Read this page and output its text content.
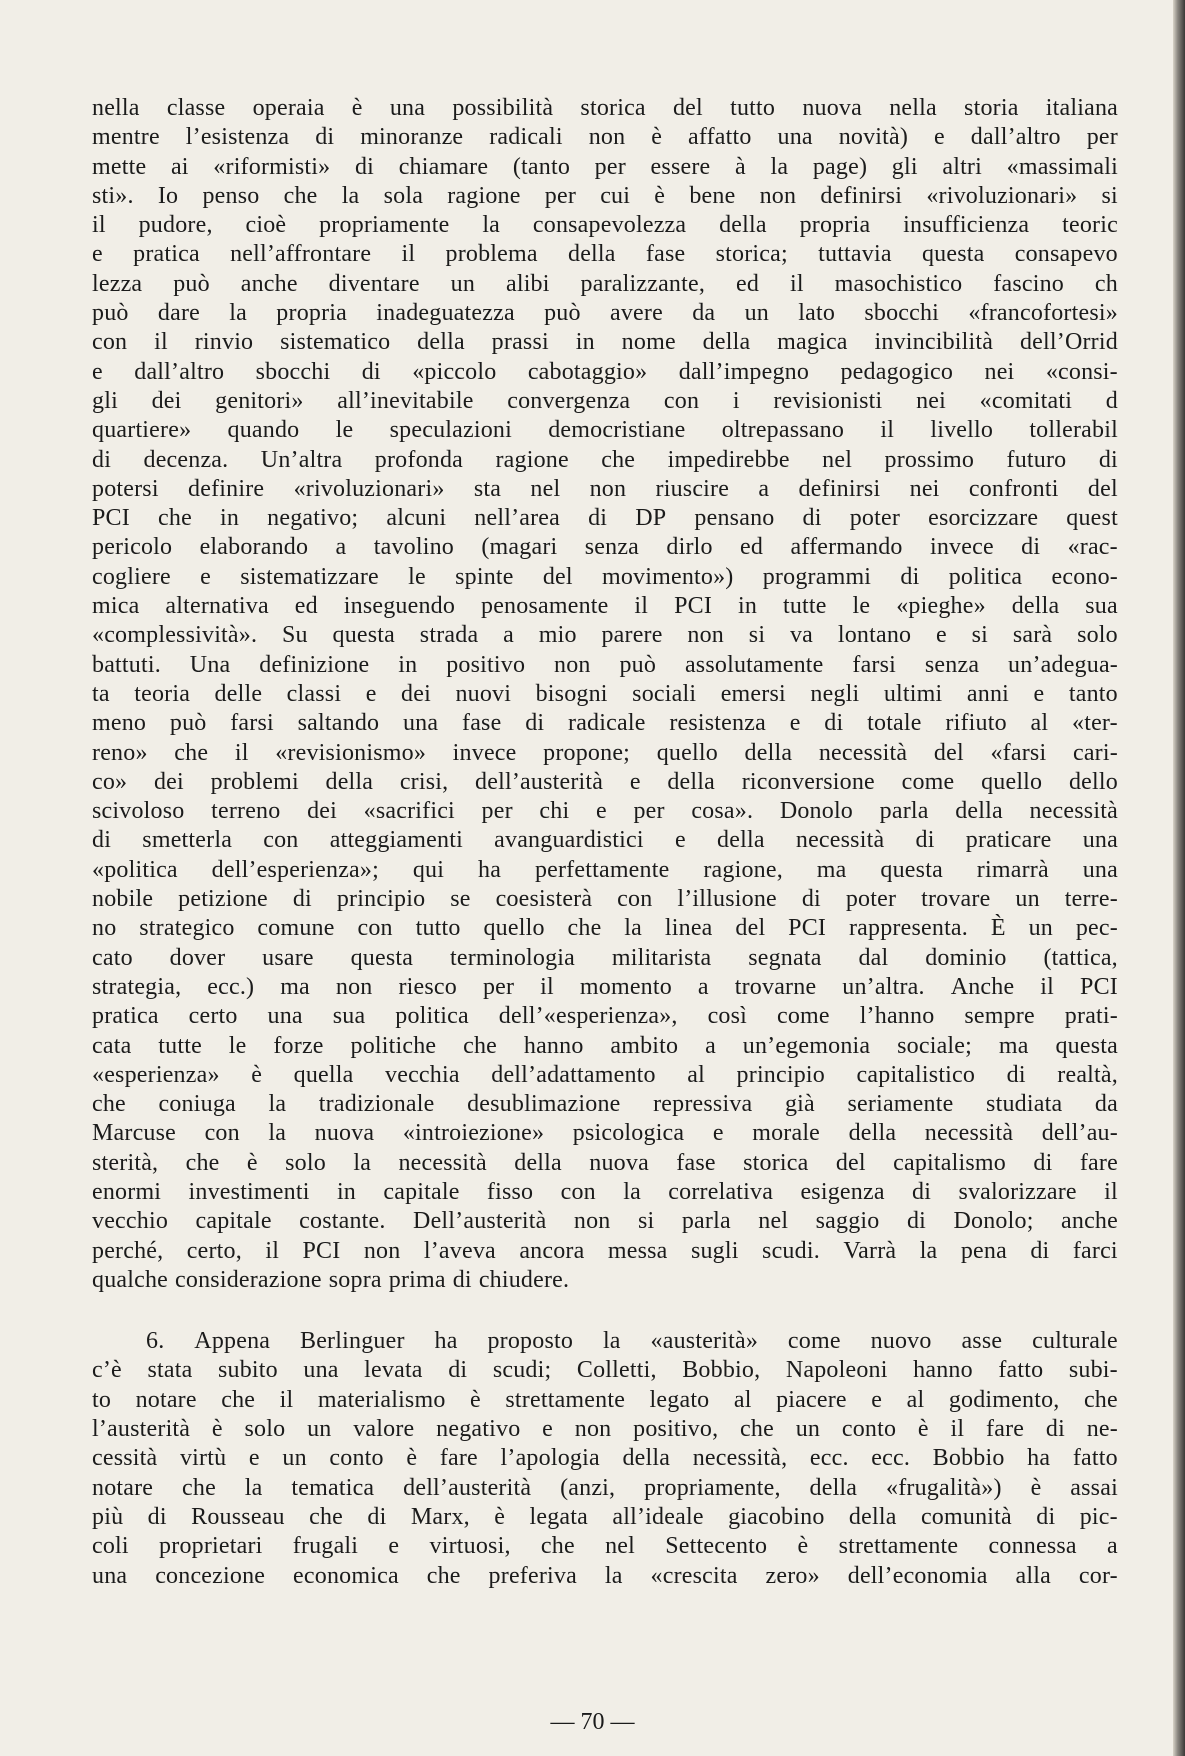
nella classe operaia è una possibilità storica del tutto nuova nella storia italiana
mentre l’esistenza di minoranze radicali non è affatto una novità) e dall’altro per
mette ai «riformisti» di chiamare (tanto per essere à la page) gli altri «massimali
sti». Io penso che la sola ragione per cui è bene non definirsi «rivoluzionari» si
il pudore, cioè propriamente la consapevolezza della propria insufficienza teoric
e pratica nell’affrontare il problema della fase storica; tuttavia questa consapevo
lezza può anche diventare un alibi paralizzante, ed il masochistico fascino ch
può dare la propria inadeguatezza può avere da un lato sbocchi «francofortesi»
con il rinvio sistematico della prassi in nome della magica invincibilità dell’Orrid
e dall’altro sbocchi di «piccolo cabotaggio» dall’impegno pedagogico nei «consi-
gli dei genitori» all’inevitabile convergenza con i revisionisti nei «comitati d
quartiere» quando le speculazioni democristiane oltrepassano il livello tollerabil
di decenza. Un’altra profonda ragione che impedirebbe nel prossimo futuro di
potersi definire «rivoluzionari» sta nel non riuscire a definirsi nei confronti del
PCI che in negativo; alcuni nell’area di DP pensano di poter esorcizzare quest
pericolo elaborando a tavolino (magari senza dirlo ed affermando invece di «rac-
cogliere e sistematizzare le spinte del movimento») programmi di politica econo-
mica alternativa ed inseguendo penosamente il PCI in tutte le «pieghe» della sua
«complessività». Su questa strada a mio parere non si va lontano e si sarà solo
battuti. Una definizione in positivo non può assolutamente farsi senza un’adegua-
ta teoria delle classi e dei nuovi bisogni sociali emersi negli ultimi anni e tanto
meno può farsi saltando una fase di radicale resistenza e di totale rifiuto al «ter-
reno» che il «revisionismo» invece propone; quello della necessità del «farsi cari-
co» dei problemi della crisi, dell’austerità e della riconversione come quello dello
scivoloso terreno dei «sacrifici per chi e per cosa». Donolo parla della necessità
di smetterla con atteggiamenti avanguardistici e della necessità di praticare una
«politica dell’esperienza»; qui ha perfettamente ragione, ma questa rimarrà una
nobile petizione di principio se coesisterà con l’illusione di poter trovare un terre-
no strategico comune con tutto quello che la linea del PCI rappresenta. È un pec-
cato dover usare questa terminologia militarista segnata dal dominio (tattica,
strategia, ecc.) ma non riesco per il momento a trovarne un’altra. Anche il PCI
pratica certo una sua politica dell’«esperienza», così come l’hanno sempre prati-
cata tutte le forze politiche che hanno ambito a un’egemonia sociale; ma questa
«esperienza» è quella vecchia dell’adattamento al principio capitalistico di realtà,
che coniuga la tradizionale desublimazione repressiva già seriamente studiata da
Marcuse con la nuova «introiezione» psicologica e morale della necessità dell’au-
sterità, che è solo la necessità della nuova fase storica del capitalismo di fare
enormi investimenti in capitale fisso con la correlativa esigenza di svalorizzare il
vecchio capitale costante. Dell’austerità non si parla nel saggio di Donolo; anche
perché, certo, il PCI non l’aveva ancora messa sugli scudi. Varrà la pena di farci
qualche considerazione sopra prima di chiudere.
6. Appena Berlinguer ha proposto la «austerità» come nuovo asse culturale
c’è stata subito una levata di scudi; Colletti, Bobbio, Napoleoni hanno fatto subi-
to notare che il materialismo è strettamente legato al piacere e al godimento, che
l’austerità è solo un valore negativo e non positivo, che un conto è il fare di ne-
cessità virtù e un conto è fare l’apologia della necessità, ecc. ecc. Bobbio ha fatto
notare che la tematica dell’austerità (anzi, propriamente, della «frugalità») è assai
più di Rousseau che di Marx, è legata all’ideale giacobino della comunità di pic-
coli proprietari frugali e virtuosi, che nel Settecento è strettamente connessa a
una concezione economica che preferiva la «crescita zero» dell’economia alla cor-
— 70 —
